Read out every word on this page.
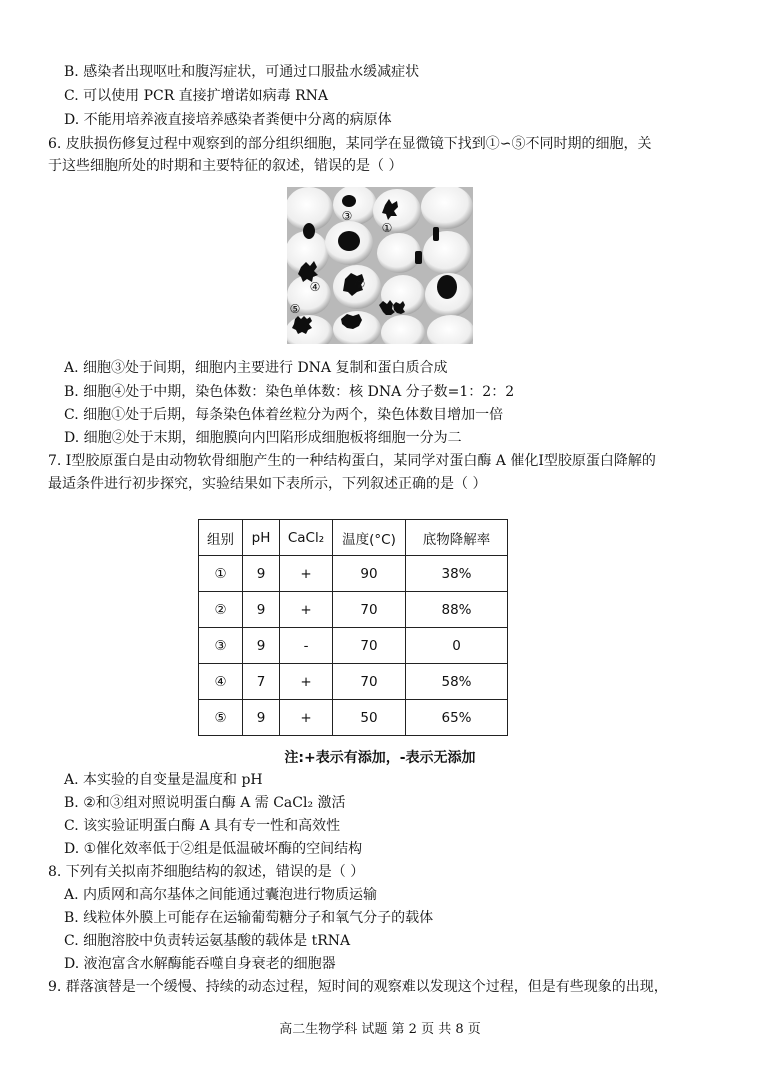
B. 感染者出现呕吐和腹泻症状，可通过口服盐水缓减症状
C. 可以使用 PCR 直接扩增诺如病毒 RNA
D. 不能用培养液直接培养感染者粪便中分离的病原体
6. 皮肤损伤修复过程中观察到的部分组织细胞，某同学在显微镜下找到①∽⑤不同时期的细胞，关
于这些细胞所处的时期和主要特征的叙述，错误的是（ ）
③
①
④	②
⑤
A. 细胞③处于间期，细胞内主要进行 DNA 复制和蛋白质合成
B. 细胞④处于中期，染色体数：染色单体数：核 DNA 分子数=1：2：2
C. 细胞①处于后期，每条染色体着丝粒分为两个，染色体数目增加一倍
D. 细胞②处于末期，细胞膜向内凹陷形成细胞板将细胞一分为二
7. Ⅰ型胶原蛋白是由动物软骨细胞产生的一种结构蛋白，某同学对蛋白酶 A 催化Ⅰ型胶原蛋白降解的
最适条件进行初步探究，实验结果如下表所示，下列叙述正确的是（ ）
组别	pH	CaCl₂	温度(°C)	底物降解率
①	9	+	90	38%
②	9	+	70	88%
③	9	-	70	0
④	7	+	70	58%
⑤	9	+	50	65%
注:+表示有添加，-表示无添加
A. 本实验的自变量是温度和 pH
B. ②和③组对照说明蛋白酶 A 需 CaCl₂ 激活
C. 该实验证明蛋白酶 A 具有专一性和高效性
D. ①催化效率低于②组是低温破坏酶的空间结构
8. 下列有关拟南芥细胞结构的叙述，错误的是（ ）
A. 内质网和高尔基体之间能通过囊泡进行物质运输
B. 线粒体外膜上可能存在运输葡萄糖分子和氧气分子的载体
C. 细胞溶胶中负责转运氨基酸的载体是 tRNA
D. 液泡富含水解酶能吞噬自身衰老的细胞器
9. 群落演替是一个缓慢、持续的动态过程，短时间的观察难以发现这个过程，但是有些现象的出现，
高二生物学科 试题 第 2 页 共 8 页
